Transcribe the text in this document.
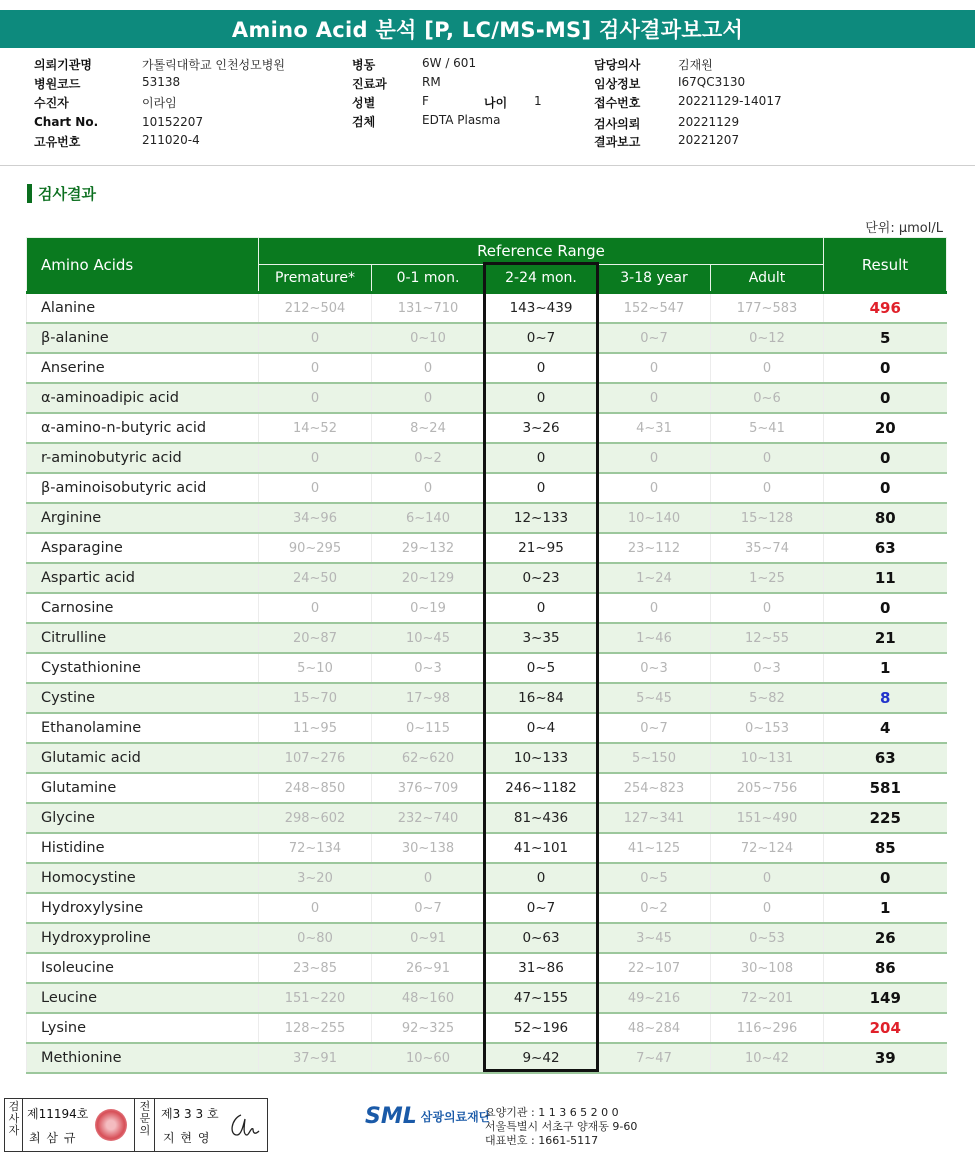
Amino Acid 분석 [P, LC/MS-MS] 검사결과보고서
의뢰기관명	가톨릭대학교 인천성모병원
병원코드	53138
수진자	이라임
Chart No.	10152207
고유번호	211020-4
병동	6W / 601
진료과	RM
성별	F	나이 1
검체	EDTA Plasma
담당의사	김재원
임상정보	I67QC3130
접수번호	20221129-14017
검사의뢰	20221129
결과보고	20221207
검사결과
단위: μmol/L
Amino Acids	Reference Range					Result
	Premature*	0-1 mon.	2-24 mon.	3-18 year	Adult	
Alanine	212~504	131~710	143~439	152~547	177~583	496
β-alanine	0	0~10	0~7	0~7	0~12	5
Anserine	0	0	0	0	0	0
α-aminoadipic acid	0	0	0	0	0~6	0
α-amino-n-butyric acid	14~52	8~24	3~26	4~31	5~41	20
r-aminobutyric acid	0	0~2	0	0	0	0
β-aminoisobutyric acid	0	0	0	0	0	0
Arginine	34~96	6~140	12~133	10~140	15~128	80
Asparagine	90~295	29~132	21~95	23~112	35~74	63
Aspartic acid	24~50	20~129	0~23	1~24	1~25	11
Carnosine	0	0~19	0	0	0	0
Citrulline	20~87	10~45	3~35	1~46	12~55	21
Cystathionine	5~10	0~3	0~5	0~3	0~3	1
Cystine	15~70	17~98	16~84	5~45	5~82	8
Ethanolamine	11~95	0~115	0~4	0~7	0~153	4
Glutamic acid	107~276	62~620	10~133	5~150	10~131	63
Glutamine	248~850	376~709	246~1182	254~823	205~756	581
Glycine	298~602	232~740	81~436	127~341	151~490	225
Histidine	72~134	30~138	41~101	41~125	72~124	85
Homocystine	3~20	0	0	0~5	0	0
Hydroxylysine	0	0~7	0~7	0~2	0	1
Hydroxyproline	0~80	0~91	0~63	3~45	0~53	26
Isoleucine	23~85	26~91	31~86	22~107	30~108	86
Leucine	151~220	48~160	47~155	49~216	72~201	149
Lysine	128~255	92~325	52~196	48~284	116~296	204
Methionine	37~91	10~60	9~42	7~47	10~42	39
검사자
제11194호
최 삼 규
전문의
제3 3 3 호
지 현 영
SML 삼광의료재단
요양기관 : 1 1 3 6 5 2 0 0
서울특별시 서초구 양재동 9-60
대표번호 : 1661-5117
